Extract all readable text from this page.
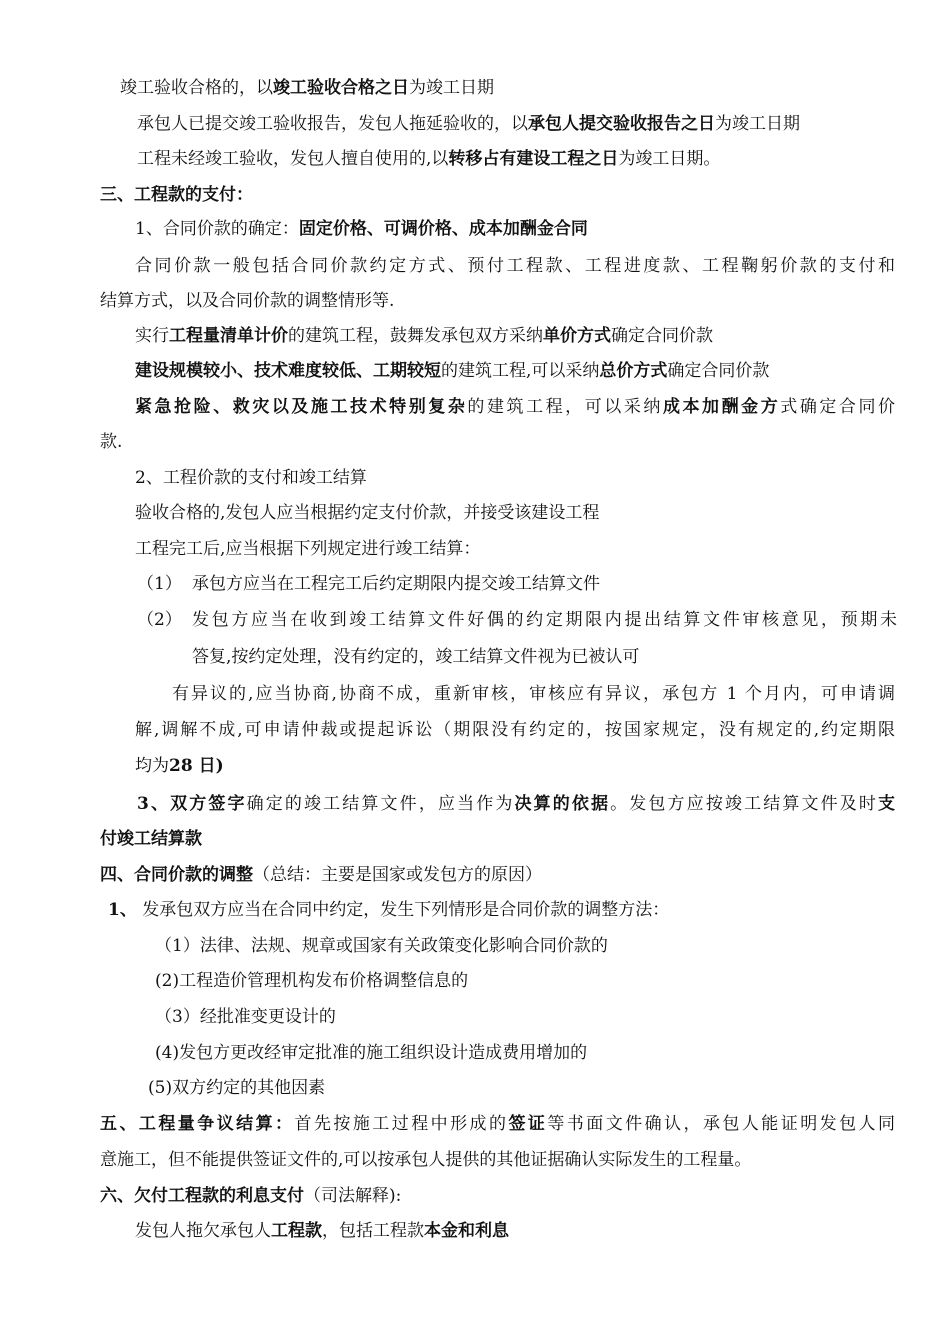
竣工验收合格的，以竣工验收合格之日为竣工日期
承包人已提交竣工验收报告，发包人拖延验收的，以承包人提交验收报告之日为竣工日期
工程未经竣工验收，发包人擅自使用的,以转移占有建设工程之日为竣工日期。
三、工程款的支付：
1、合同价款的确定：固定价格、可调价格、成本加酬金合同
合同价款一般包括合同价款约定方式、预付工程款、工程进度款、工程鞠躬价款的支付和
结算方式，以及合同价款的调整情形等.
实行工程量清单计价的建筑工程，鼓舞发承包双方采纳单价方式确定合同价款
建设规模较小、技术难度较低、工期较短的建筑工程,可以采纳总价方式确定合同价款
紧急抢险、救灾以及施工技术特别复杂的建筑工程，可以采纳成本加酬金方式确定合同价
款.
2、工程价款的支付和竣工结算
验收合格的,发包人应当根据约定支付价款，并接受该建设工程
工程完工后,应当根据下列规定进行竣工结算：
（1） 承包方应当在工程完工后约定期限内提交竣工结算文件
（2） 发包方应当在收到竣工结算文件好偶的约定期限内提出结算文件审核意见，预期未
答复,按约定处理，没有约定的，竣工结算文件视为已被认可
有异议的,应当协商,协商不成，重新审核，审核应有异议，承包方 1 个月内，可申请调
解,调解不成,可申请仲裁或提起诉讼（期限没有约定的，按国家规定，没有规定的,约定期限
均为28 日)
3、双方签字确定的竣工结算文件，应当作为决算的依据。发包方应按竣工结算文件及时支
付竣工结算款
四、合同价款的调整（总结：主要是国家或发包方的原因）
1、 发承包双方应当在合同中约定，发生下列情形是合同价款的调整方法：
（1）法律、法规、规章或国家有关政策变化影响合同价款的
(2)工程造价管理机构发布价格调整信息的
（3）经批准变更设计的
(4)发包方更改经审定批准的施工组织设计造成费用增加的
(5)双方约定的其他因素
五、工程量争议结算：首先按施工过程中形成的签证等书面文件确认，承包人能证明发包人同
意施工，但不能提供签证文件的,可以按承包人提供的其他证据确认实际发生的工程量。
六、欠付工程款的利息支付（司法解释):
发包人拖欠承包人工程款，包括工程款本金和利息
